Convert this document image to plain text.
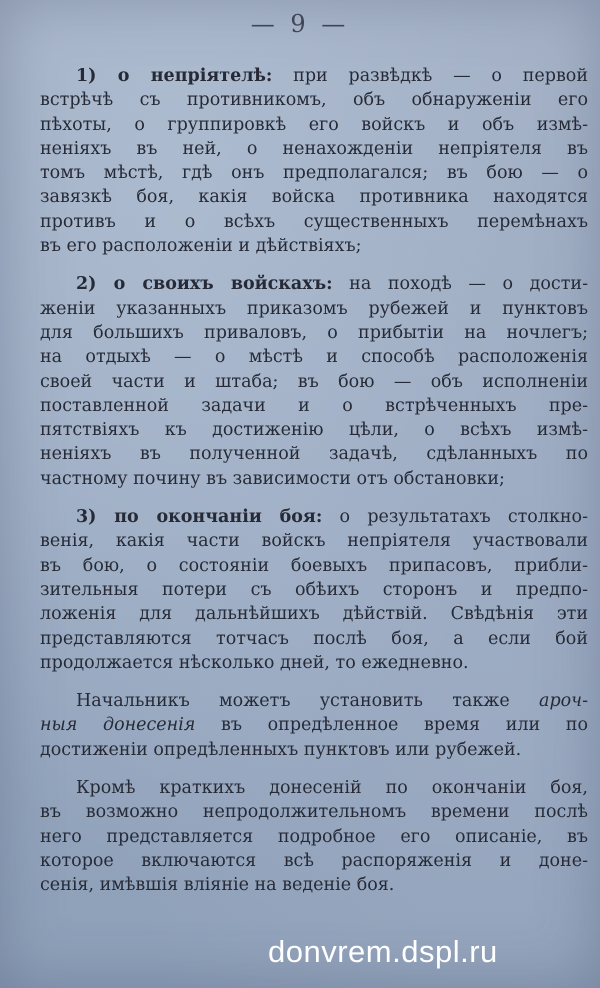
— 9 —
1) о непріятелѣ: при развѣдкѣ — о первой
встрѣчѣ съ противникомъ, объ обнаруженіи его
пѣхоты, о группировкѣ его войскъ и объ измѣ-
неніяхъ въ ней, о ненахожденіи непріятеля въ
томъ мѣстѣ, гдѣ онъ предполагался; въ бою — о
завязкѣ боя, какія войска противника находятся
противъ и о всѣхъ существенныхъ перемѣнахъ
въ его расположеніи и дѣйствіяхъ;
2) о своихъ войскахъ: на походѣ — о дости-
женіи указанныхъ приказомъ рубежей и пунктовъ
для большихъ приваловъ, о прибытіи на ночлегъ;
на отдыхѣ — о мѣстѣ и способѣ расположенія
своей части и штаба; въ бою — объ исполненіи
поставленной задачи и о встрѣченныхъ пре-
пятствіяхъ къ достиженію цѣли, о всѣхъ измѣ-
неніяхъ въ полученной задачѣ, сдѣланныхъ по
частному почину въ зависимости отъ обстановки;
3) по окончаніи боя: о результатахъ столкно-
венія, какія части войскъ непріятеля участвовали
въ бою, о состояніи боевыхъ припасовъ, прибли-
зительныя потери съ обѣихъ сторонъ и предпо-
ложенія для дальнѣйшихъ дѣйствій. Свѣдѣнія эти
представляются тотчасъ послѣ боя, а если бой
продолжается нѣсколько дней, то ежедневно.
Начальникъ можетъ установить также ароч-
ныя донесенія въ опредѣленное время или по
достиженіи опредѣленныхъ пунктовъ или рубежей.
Кромѣ краткихъ донесеній по окончаніи боя,
въ возможно непродолжительномъ времени послѣ
него представляется подробное его описаніе, въ
которое включаются всѣ распоряженія и доне-
сенія, имѣвшія вліяніе на веденіе боя.
donvrem.dspl.ru
